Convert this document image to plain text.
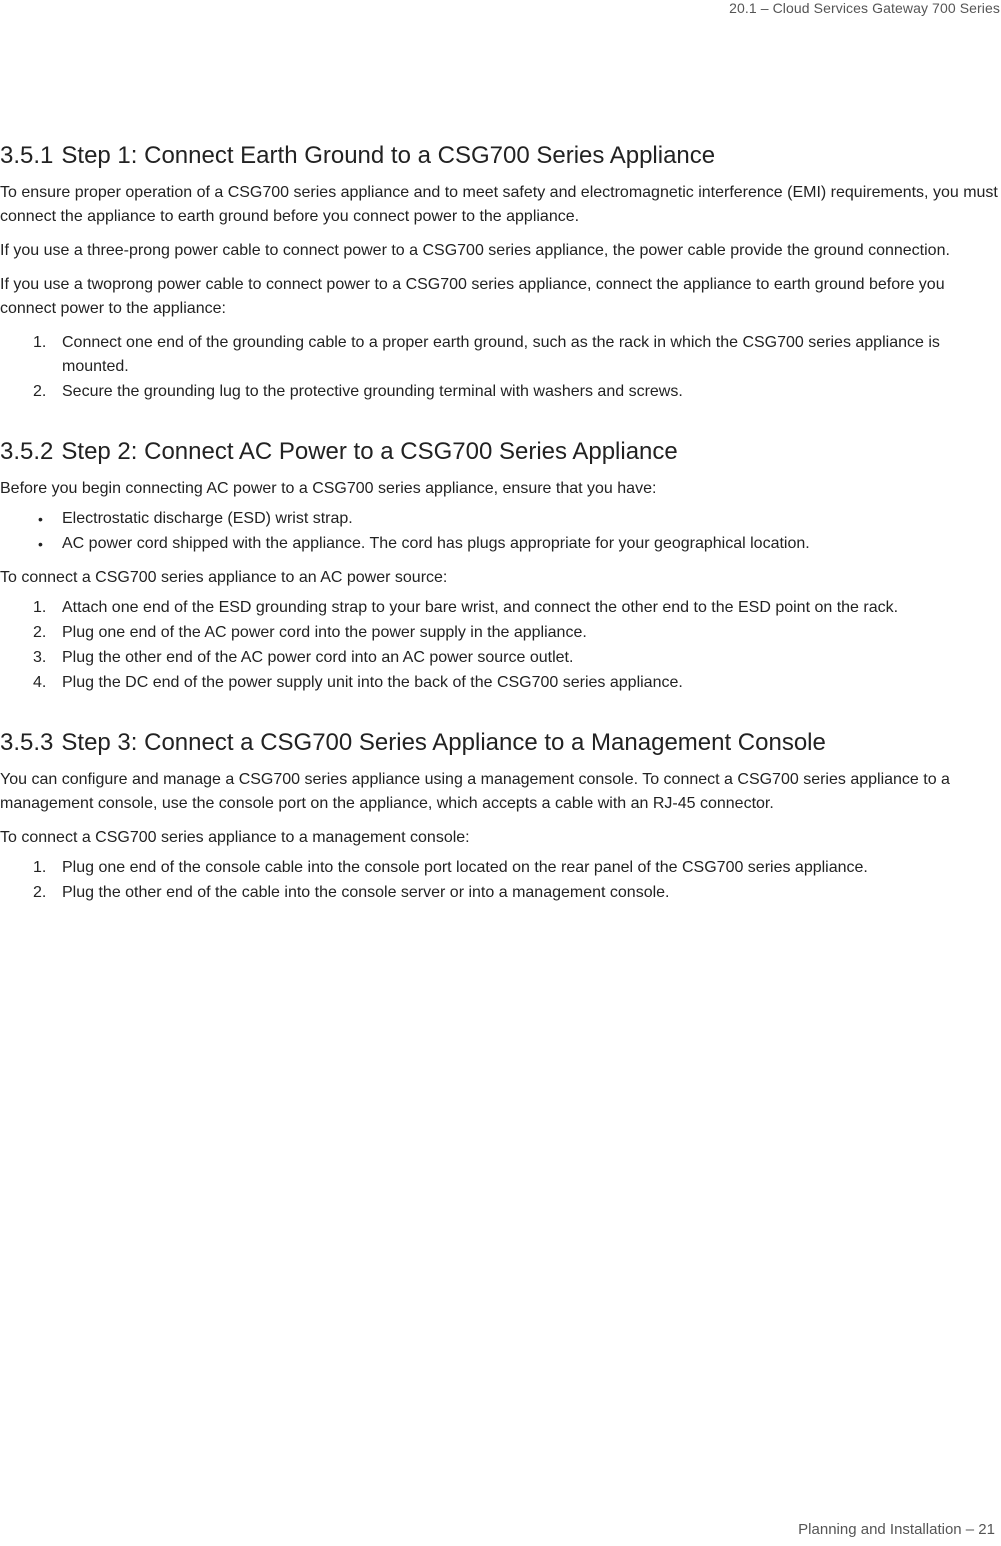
20.1 – Cloud Services Gateway 700 Series
3.5.1 Step 1: Connect Earth Ground to a CSG700 Series Appliance

To ensure proper operation of a CSG700 series appliance and to meet safety and electromagnetic interference (EMI) requirements, you must connect the appliance to earth ground before you connect power to the appliance.

If you use a three-prong power cable to connect power to a CSG700 series appliance, the power cable provide the ground connection.

If you use a twoprong power cable to connect power to a CSG700 series appliance, connect the appliance to earth ground before you connect power to the appliance:

1. Connect one end of the grounding cable to a proper earth ground, such as the rack in which the CSG700 series appliance is mounted.
2. Secure the grounding lug to the protective grounding terminal with washers and screws.
3.5.2 Step 2: Connect AC Power to a CSG700 Series Appliance

Before you begin connecting AC power to a CSG700 series appliance, ensure that you have:

• Electrostatic discharge (ESD) wrist strap.
• AC power cord shipped with the appliance. The cord has plugs appropriate for your geographical location.

To connect a CSG700 series appliance to an AC power source:

1. Attach one end of the ESD grounding strap to your bare wrist, and connect the other end to the ESD point on the rack.
2. Plug one end of the AC power cord into the power supply in the appliance.
3. Plug the other end of the AC power cord into an AC power source outlet.
4. Plug the DC end of the power supply unit into the back of the CSG700 series appliance.
3.5.3 Step 3: Connect a CSG700 Series Appliance to a Management Console

You can configure and manage a CSG700 series appliance using a management console. To connect a CSG700 series appliance to a management console, use the console port on the appliance, which accepts a cable with an RJ-45 connector.

To connect a CSG700 series appliance to a management console:

1. Plug one end of the console cable into the console port located on the rear panel of the CSG700 series appliance.
2. Plug the other end of the cable into the console server or into a management console.
Planning and Installation – 21
